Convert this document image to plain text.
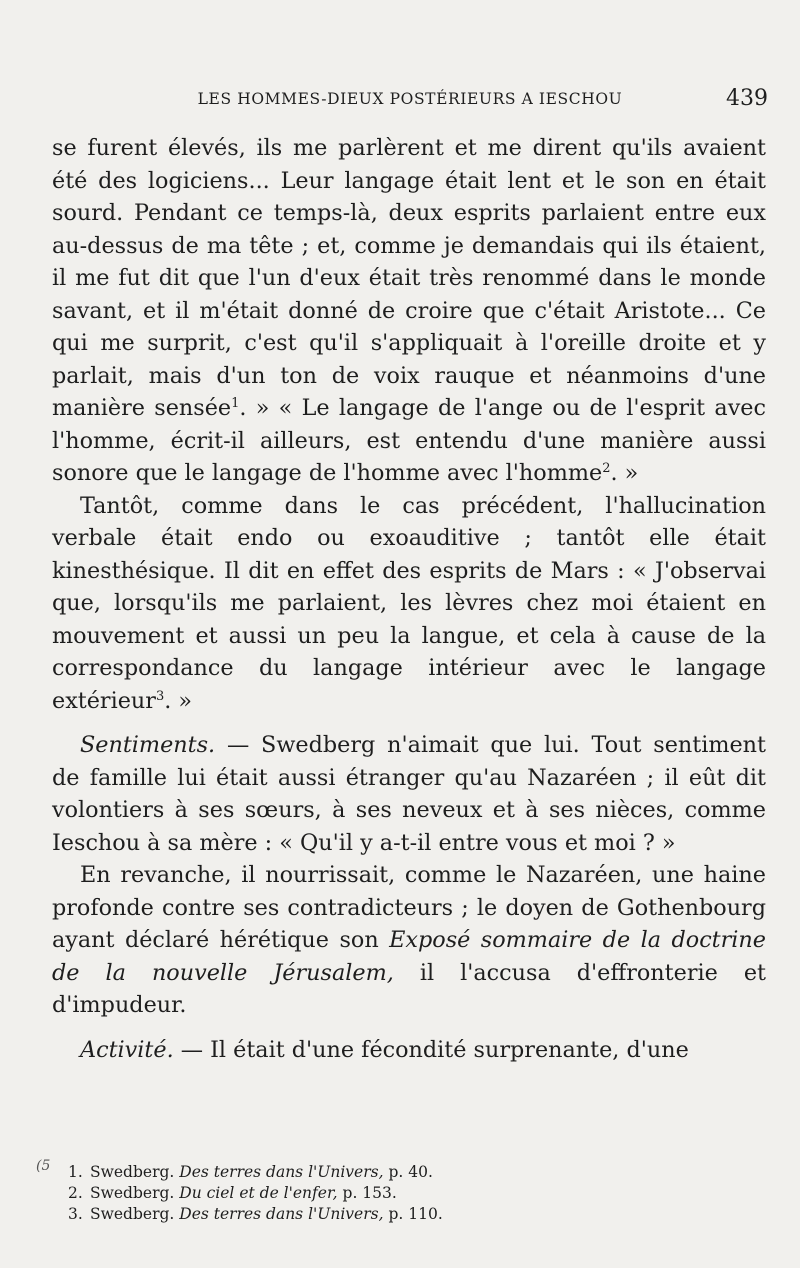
LES HOMMES-DIEUX POSTÉRIEURS A IESCHOU	439

se furent élevés, ils me parlèrent et me dirent qu'ils avaient été des logiciens... Leur langage était lent et le son en était sourd. Pendant ce temps-là, deux esprits parlaient entre eux au-dessus de ma tête ; et, comme je demandais qui ils étaient, il me fut dit que l'un d'eux était très renommé dans le monde savant, et il m'était donné de croire que c'était Aristote... Ce qui me surprit, c'est qu'il s'appliquait à l'oreille droite et y parlait, mais d'un ton de voix rauque et néanmoins d'une manière sensée$^1$. » « Le langage de l'ange ou de l'esprit avec l'homme, écrit-il ailleurs, est entendu d'une manière aussi sonore que le langage de l'homme avec l'homme$^2$. »

Tantôt, comme dans le cas précédent, l'hallucination verbale était endo ou exoauditive ; tantôt elle était kinesthésique. Il dit en effet des esprits de Mars : « J'observai que, lorsqu'ils me parlaient, les lèvres chez moi étaient en mouvement et aussi un peu la langue, et cela à cause de la correspondance du langage intérieur avec le langage extérieur$^3$. »

Sentiments. — Swedberg n'aimait que lui. Tout sentiment de famille lui était aussi étranger qu'au Nazaréen ; il eût dit volontiers à ses sœurs, à ses neveux et à ses nièces, comme Ieschou à sa mère : « Qu'il y a-t-il entre vous et moi ? »

En revanche, il nourrissait, comme le Nazaréen, une haine profonde contre ses contradicteurs ; le doyen de Gothenbourg ayant déclaré hérétique son Exposé sommaire de la doctrine de la nouvelle Jérusalem, il l'accusa d'effronterie et d'impudeur.

Activité. — Il était d'une fécondité surprenante, d'une

(5 1. Swedberg. Des terres dans l'Univers, p. 40.

2. Swedberg. Du ciel et de l'enfer, p. 153.

3. Swedberg. Des terres dans l'Univers, p. 110.
